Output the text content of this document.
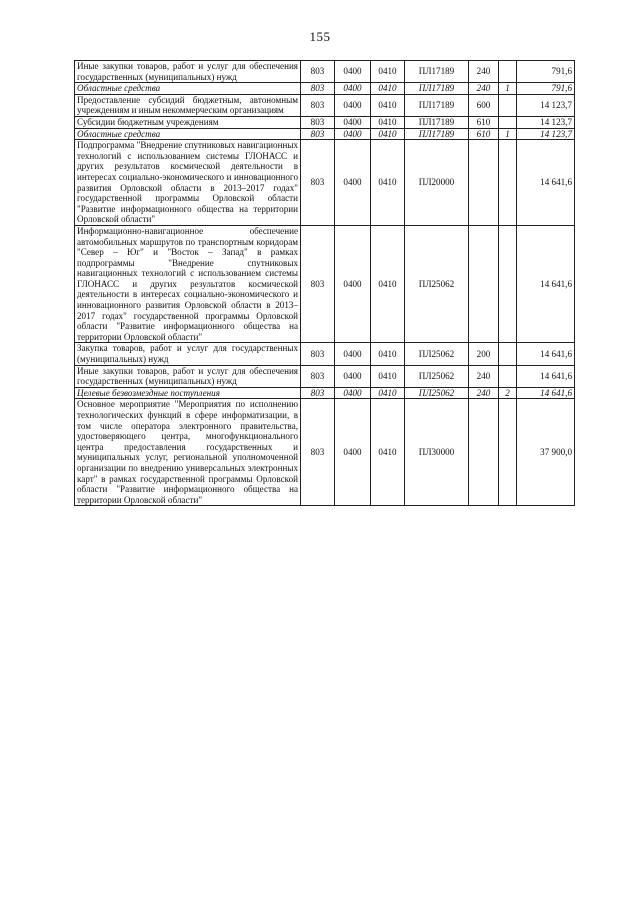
155
Иные закупки товаров, работ и услуг для обеспечения государственных (муниципальных) нужд	803	0400	0410	ПЛ17189	240		791,6
Областные средства	803	0400	0410	ПЛ17189	240	1	791,6
Предоставление субсидий бюджетным, автономным учреждениям и иным некоммерческим организациям	803	0400	0410	ПЛ17189	600		14 123,7
Субсидии бюджетным учреждениям	803	0400	0410	ПЛ17189	610		14 123,7
Областные средства	803	0400	0410	ПЛ17189	610	1	14 123,7
Подпрограмма "Внедрение спутниковых навигационных технологий с использованием системы ГЛОНАСС и других результатов космической деятельности в интересах социально-экономического и инновационного развития Орловской области в 2013–2017 годах" государственной программы Орловской области "Развитие информационного общества на территории Орловской области"	803	0400	0410	ПЛ20000			14 641,6
Информационно-навигационное обеспечение автомобильных маршрутов по транспортным коридорам "Север – Юг" и "Восток – Запад" в рамках подпрограммы "Внедрение спутниковых навигационных технологий с использованием системы ГЛОНАСС и других результатов космической деятельности в интересах социально-экономического и инновационного развития Орловской области в 2013–2017 годах" государственной программы Орловской области "Развитие информационного общества на территории Орловской области"	803	0400	0410	ПЛ25062			14 641,6
Закупка товаров, работ и услуг для государственных (муниципальных) нужд	803	0400	0410	ПЛ25062	200		14 641,6
Иные закупки товаров, работ и услуг для обеспечения государственных (муниципальных) нужд	803	0400	0410	ПЛ25062	240		14 641,6
Целевые безвозмездные поступления	803	0400	0410	ПЛ25062	240	2	14 641,6
Основное мероприятие "Мероприятия по исполнению технологических функций в сфере информатизации, в том числе оператора электронного правительства, удостоверяющего центра, многофункционального центра предоставления государственных и муниципальных услуг, региональной уполномоченной организации по внедрению универсальных электронных карт" в рамках государственной программы Орловской области "Развитие информационного общества на территории Орловской области"	803	0400	0410	ПЛ30000			37 900,0
